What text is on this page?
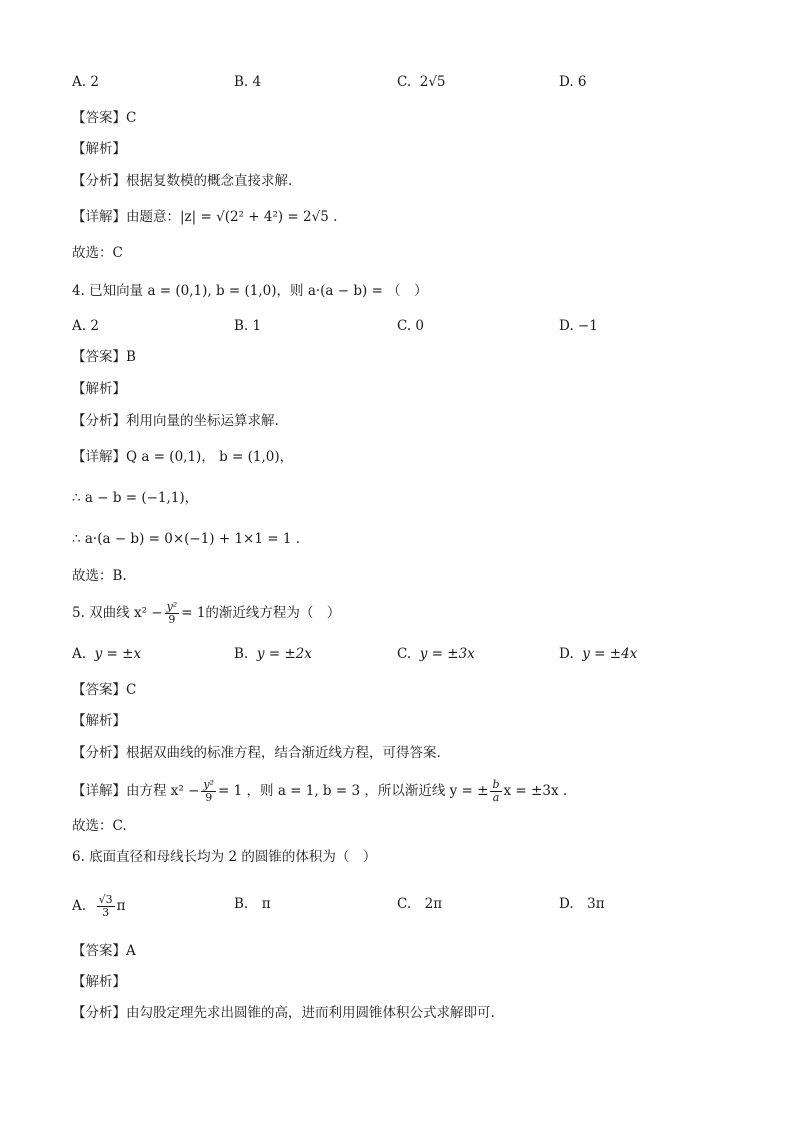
A. 2	B. 4	C. 2√5	D. 6
【答案】C
【解析】
【分析】根据复数模的概念直接求解.
【详解】由题意：|z| = √(2² + 4²) = 2√5 .
故选：C
4. 已知向量 a = (0,1), b = (1,0)，则 a·(a − b) = （　）
A. 2	B. 1	C. 0	D. −1
【答案】B
【解析】
【分析】利用向量的坐标运算求解.
【详解】Q a = (0,1)， b = (1,0)，
∴ a − b = (−1,1)，
∴ a·(a − b) = 0×(−1) + 1×1 = 1 .
故选：B.
5. 双曲线 $x^2 - \frac{\text{y²}}{9} = 1$的渐近线方程为（　）
A. y = ±x	B. y = ±2x	C. y = ±3x	D. y = ±4x
【答案】C
【解析】
【分析】根据双曲线的标准方程，结合渐近线方程，可得答案.
【详解】由方程 $x^2 - \frac{\text{y²}}{9} = 1$ ，则 a = 1, b = 3 ，所以渐近线 y = ± $\frac{b}{a}$ x = ±3x .
故选：C.
6. 底面直径和母线长均为 2 的圆锥的体积为（　）
A. $\frac{√3}{3}$ π	B.　π	C.　2π	D.　3π
【答案】A
【解析】
【分析】由勾股定理先求出圆锥的高，进而利用圆锥体积公式求解即可.
